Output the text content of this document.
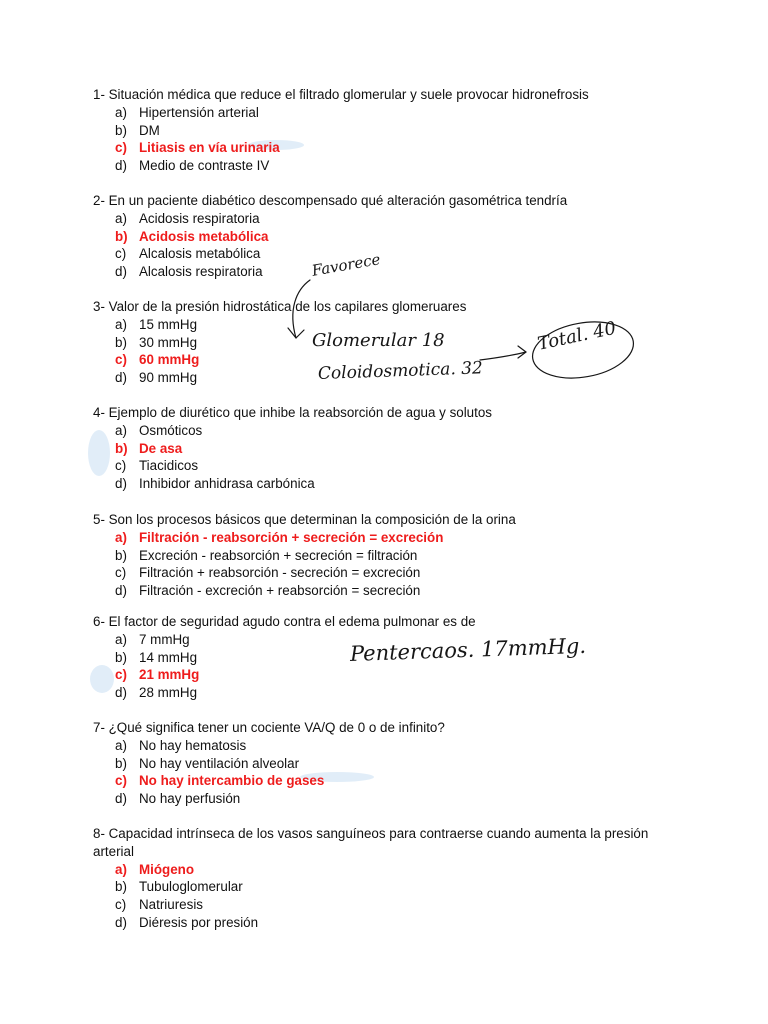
1- Situación médica que reduce el filtrado glomerular y suele provocar hidronefrosis

a) Hipertensión arterial
b) DM
c) Litiasis en vía urinaria
d) Medio de contraste IV

2- En un paciente diabético descompensado qué alteración gasométrica tendría

a) Acidosis respiratoria
b) Acidosis metabólica
c) Alcalosis metabólica
d) Alcalosis respiratoria

3- Valor de la presión hidrostática de los capilares glomeruares

a) 15 mmHg
b) 30 mmHg
c) 60 mmHg
d) 90 mmHg

4- Ejemplo de diurético que inhibe la reabsorción de agua y solutos

a) Osmóticos
b) De asa
c) Tiacidicos
d) Inhibidor anhidrasa carbónica

5- Son los procesos básicos que determinan la composición de la orina

a) Filtración - reabsorción + secreción = excreción
b) Excreción - reabsorción + secreción = filtración
c) Filtración + reabsorción - secreción = excreción
d) Filtración - excreción + reabsorción = secreción

6- El factor de seguridad agudo contra el edema pulmonar es de

a) 7 mmHg
b) 14 mmHg
c) 21 mmHg
d) 28 mmHg

7- ¿Qué significa tener un cociente VA/Q de 0 o de infinito?

a) No hay hematosis
b) No hay ventilación alveolar
c) No hay intercambio de gases
d) No hay perfusión

8- Capacidad intrínseca de los vasos sanguíneos para contraerse cuando aumenta la presión arterial

a) Miógeno
b) Tubuloglomerular
c) Natriuresis
d) Diéresis por presión
Favorece
Glomerular 18
Coloidosmotica. 32
Total. 40
Pentercaos. 17mmHg.
